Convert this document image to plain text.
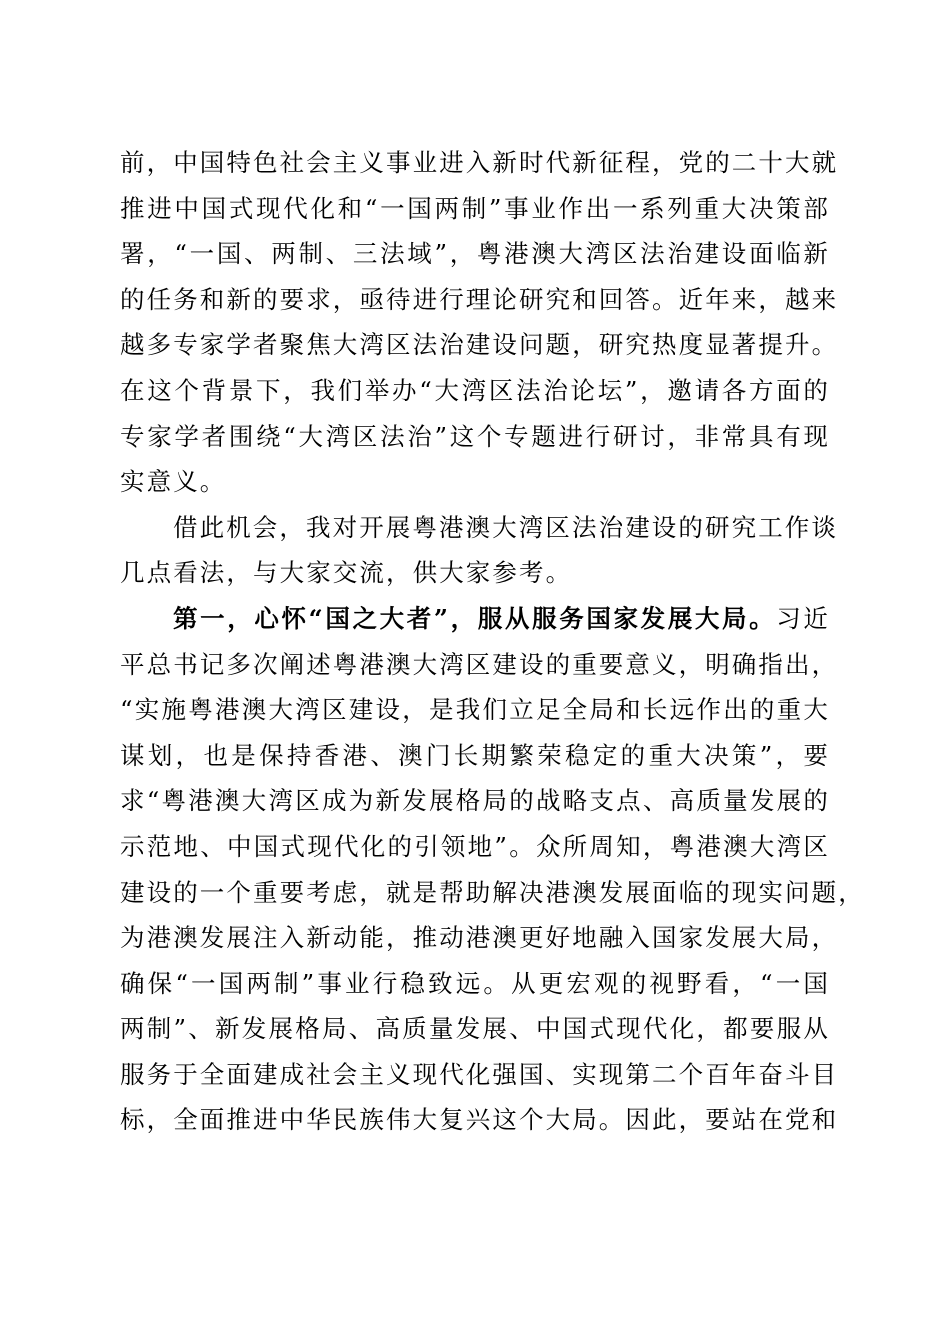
前，中国特色社会主义事业进入新时代新征程，党的二十大就
推进中国式现代化和“一国两制”事业作出一系列重大决策部
署，“一国、两制、三法域”，粤港澳大湾区法治建设面临新
的任务和新的要求，亟待进行理论研究和回答。近年来，越来
越多专家学者聚焦大湾区法治建设问题，研究热度显著提升。
在这个背景下，我们举办“大湾区法治论坛”，邀请各方面的
专家学者围绕“大湾区法治”这个专题进行研讨，非常具有现
实意义。
借此机会，我对开展粤港澳大湾区法治建设的研究工作谈
几点看法，与大家交流，供大家参考。
第一，心怀“国之大者”，服从服务国家发展大局。习近
平总书记多次阐述粤港澳大湾区建设的重要意义，明确指出，
“实施粤港澳大湾区建设，是我们立足全局和长远作出的重大
谋划，也是保持香港、澳门长期繁荣稳定的重大决策”，要
求“粤港澳大湾区成为新发展格局的战略支点、高质量发展的
示范地、中国式现代化的引领地”。众所周知，粤港澳大湾区
建设的一个重要考虑，就是帮助解决港澳发展面临的现实问题，
为港澳发展注入新动能，推动港澳更好地融入国家发展大局，
确保“一国两制”事业行稳致远。从更宏观的视野看，“一国
两制”、新发展格局、高质量发展、中国式现代化，都要服从
服务于全面建成社会主义现代化强国、实现第二个百年奋斗目
标，全面推进中华民族伟大复兴这个大局。因此，要站在党和
